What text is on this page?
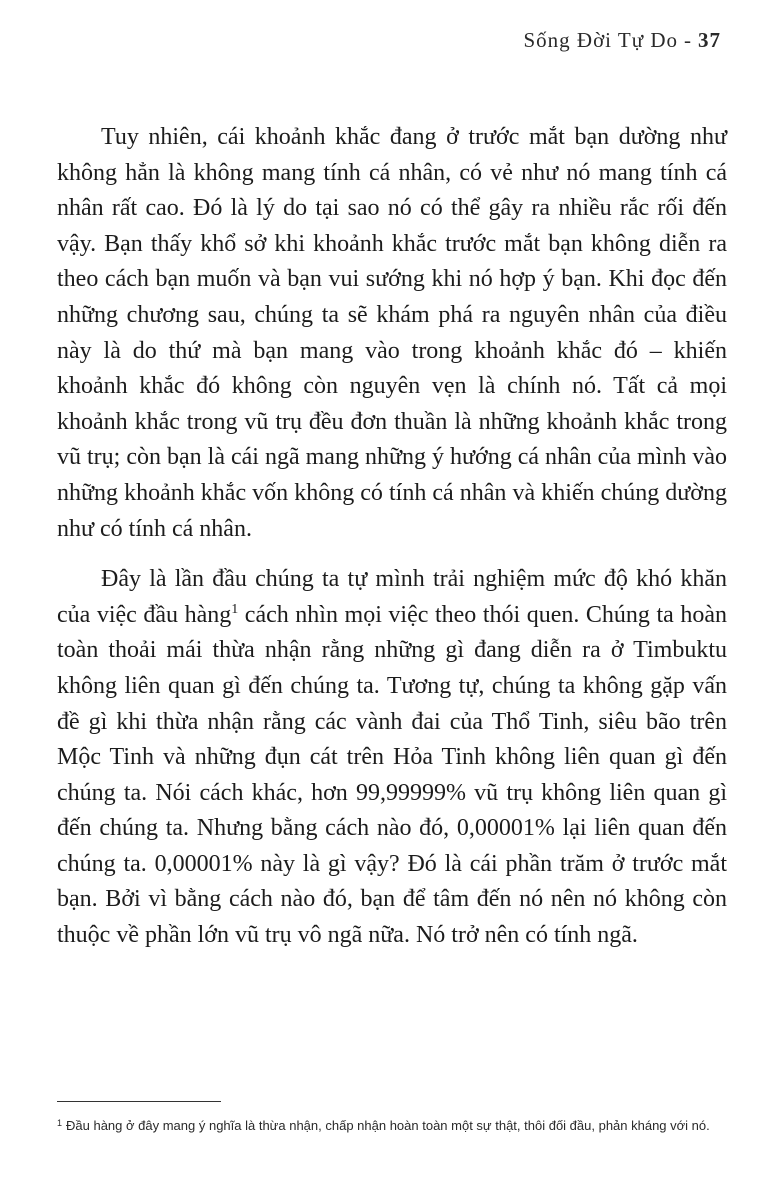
Sống Đời Tự Do - 37

Tuy nhiên, cái khoảnh khắc đang ở trước mắt bạn dường như không hẳn là không mang tính cá nhân, có vẻ như nó mang tính cá nhân rất cao. Đó là lý do tại sao nó có thể gây ra nhiều rắc rối đến vậy. Bạn thấy khổ sở khi khoảnh khắc trước mắt bạn không diễn ra theo cách bạn muốn và bạn vui sướng khi nó hợp ý bạn. Khi đọc đến những chương sau, chúng ta sẽ khám phá ra nguyên nhân của điều này là do thứ mà bạn mang vào trong khoảnh khắc đó – khiến khoảnh khắc đó không còn nguyên vẹn là chính nó. Tất cả mọi khoảnh khắc trong vũ trụ đều đơn thuần là những khoảnh khắc trong vũ trụ; còn bạn là cái ngã mang những ý hướng cá nhân của mình vào những khoảnh khắc vốn không có tính cá nhân và khiến chúng dường như có tính cá nhân.

Đây là lần đầu chúng ta tự mình trải nghiệm mức độ khó khăn của việc đầu hàng$^1$ cách nhìn mọi việc theo thói quen. Chúng ta hoàn toàn thoải mái thừa nhận rằng những gì đang diễn ra ở Timbuktu không liên quan gì đến chúng ta. Tương tự, chúng ta không gặp vấn đề gì khi thừa nhận rằng các vành đai của Thổ Tinh, siêu bão trên Mộc Tinh và những đụn cát trên Hỏa Tinh không liên quan gì đến chúng ta. Nói cách khác, hơn 99,99999% vũ trụ không liên quan gì đến chúng ta. Nhưng bằng cách nào đó, 0,00001% lại liên quan đến chúng ta. 0,00001% này là gì vậy? Đó là cái phần trăm ở trước mắt bạn. Bởi vì bằng cách nào đó, bạn để tâm đến nó nên nó không còn thuộc về phần lớn vũ trụ vô ngã nữa. Nó trở nên có tính ngã.

$^1$ Đầu hàng ở đây mang ý nghĩa là thừa nhận, chấp nhận hoàn toàn một sự thật, thôi đối đầu, phản kháng với nó.
